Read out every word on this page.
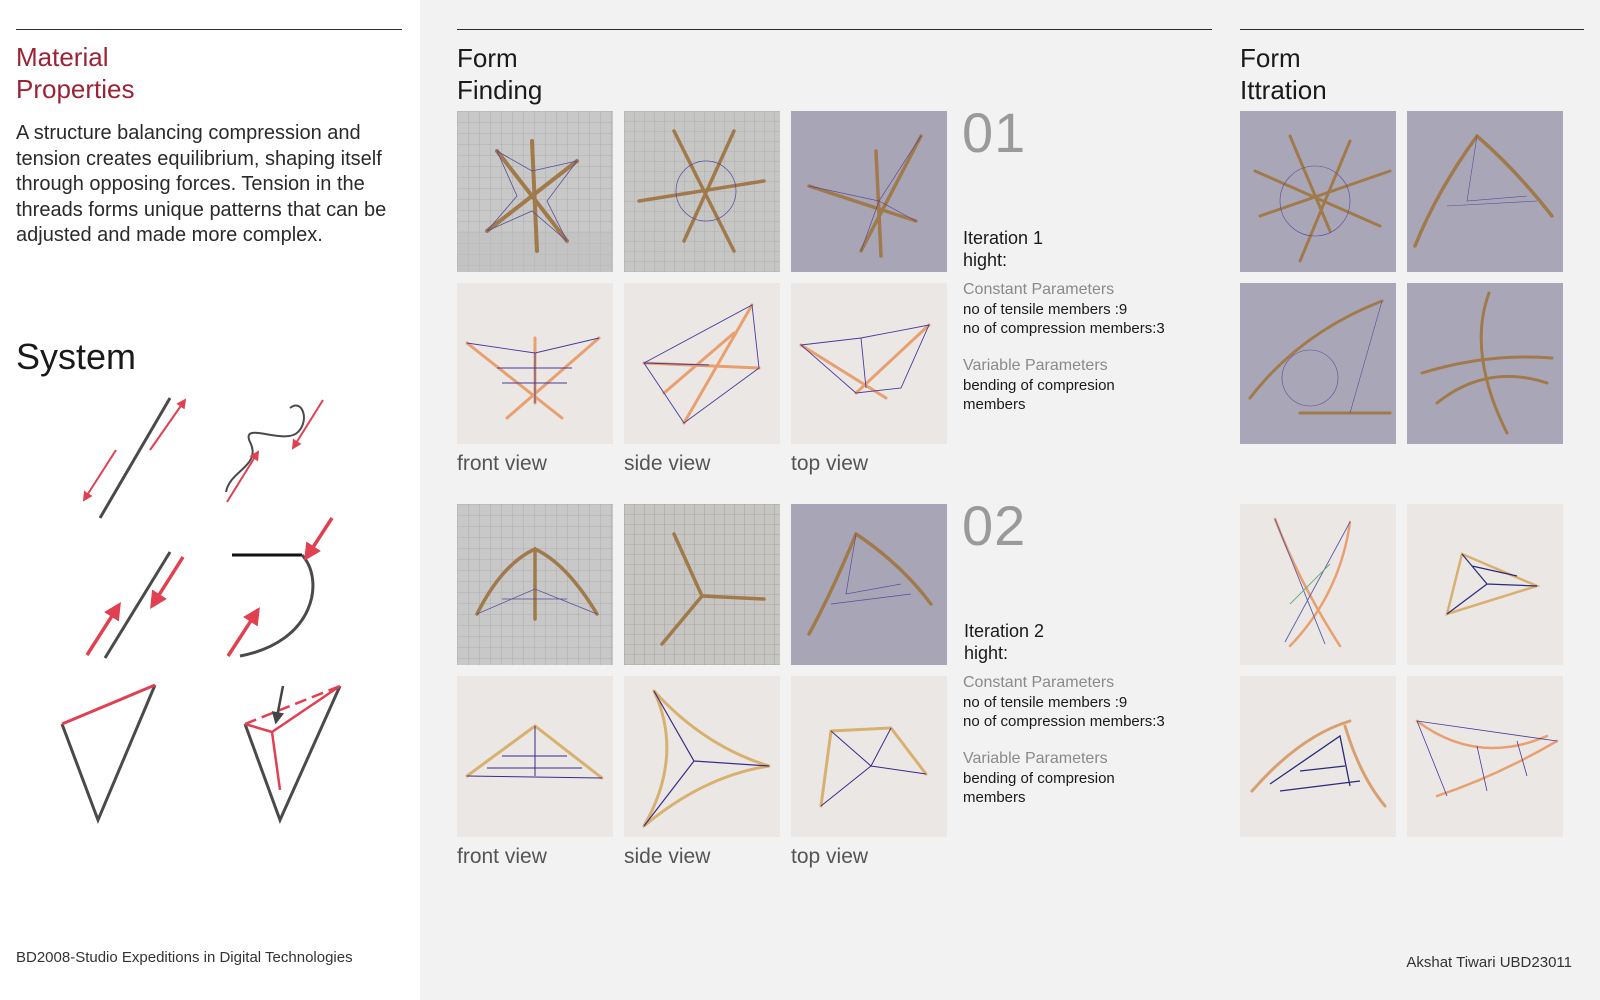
Material
Properties
A structure balancing compression and
tension creates equilibrium, shaping itself
through opposing forces. Tension in the
threads forms unique patterns that can be
adjusted and made more complex.
System
BD2008-Studio Expeditions in Digital Technologies
Form
Finding
Form
Ittration
front view	side view	top view
01
Iteration 1
hight:
Constant Parameters
no of tensile members :9
no of compression members:3
Variable Parameters
bending of compresion
members
front view	side view	top view
02
Iteration 2
hight:
Constant Parameters
no of tensile members :9
no of compression members:3
Variable Parameters
bending of compresion
members
Akshat Tiwari UBD23011
